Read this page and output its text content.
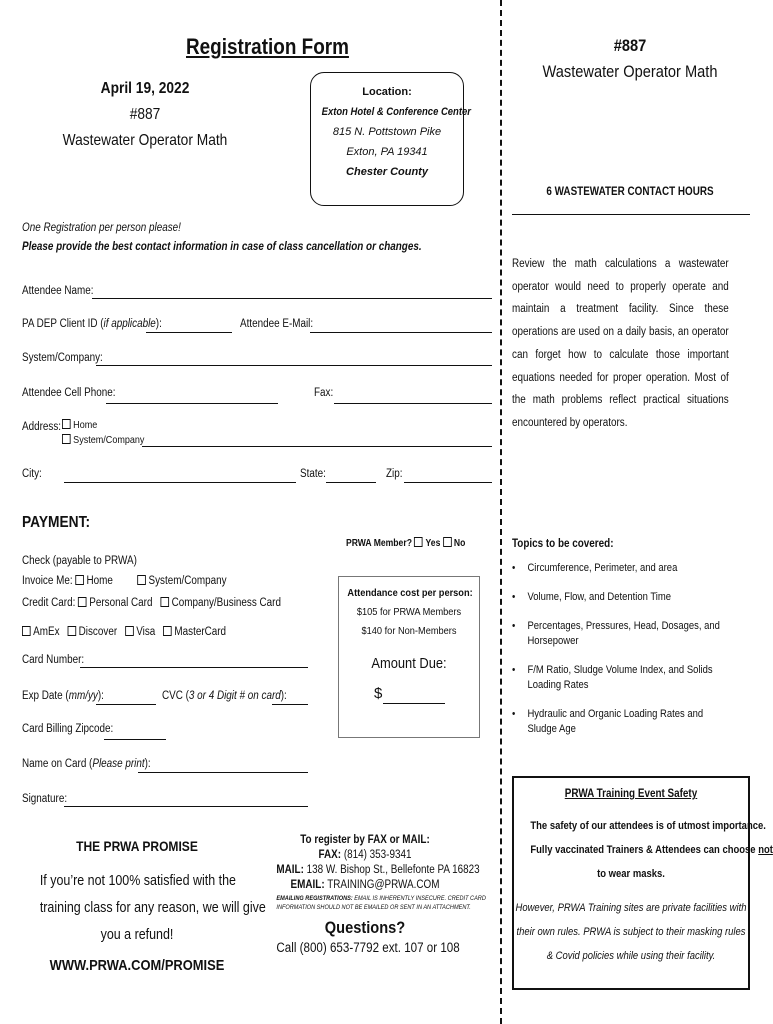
Registration Form
April 19, 2022
#887
Wastewater Operator Math
Location:
Exton Hotel & Conference Center
815 N. Pottstown Pike
Exton, PA 19341
Chester County
One Registration per person please!
Please provide the best contact information in case of class cancellation or changes.
Attendee Name:
PA DEP Client ID (if applicable):	Attendee E-Mail:
System/Company:
Attendee Cell Phone:	Fax:
Address:	Home
System/Company
City:	State:	Zip:
PAYMENT:
PRWA Member? Yes No
Check (payable to PRWA)
Invoice Me: Home	System/Company
Credit Card: Personal Card Company/Business Card
AmEx Discover Visa MasterCard
Card Number:
Exp Date (mm/yy):	CVC (3 or 4 Digit # on card):
Card Billing Zipcode:
Name on Card (Please print):
Signature:
Attendance cost per person:
$105 for PRWA Members
$140 for Non-Members
Amount Due:
$
THE PRWA PROMISE
If you’re not 100% satisfied with the
training class for any reason, we will give
you a refund!
WWW.PRWA.COM/PROMISE
To register by FAX or MAIL:
FAX: (814) 353-9341
MAIL: 138 W. Bishop St., Bellefonte PA 16823
EMAIL: TRAINING@PRWA.COM
EMAILING REGISTRATIONS: EMAIL IS INHERENTLY INSECURE. CREDIT CARD
INFORMATION SHOULD NOT BE EMAILED OR SENT IN AN ATTACHMENT.
Questions?
Call (800) 653-7792 ext. 107 or 108
#887
Wastewater Operator Math
6 WASTEWATER CONTACT HOURS
Review the math calculations a wastewater operator would need to properly operate and maintain a treatment facility. Since these operations are used on a daily basis, an operator can forget how to calculate those important equations needed for proper operation. Most of the math problems reflect practical situations encountered by operators.
Topics to be covered:
• Circumference, Perimeter, and area
• Volume, Flow, and Detention Time
• Percentages, Pressures, Head, Dosages, and Horsepower
• F/M Ratio, Sludge Volume Index, and Solids Loading Rates
• Hydraulic and Organic Loading Rates and Sludge Age
PRWA Training Event Safety
The safety of our attendees is of utmost importance.
Fully vaccinated Trainers & Attendees can choose not
to wear masks.
However, PRWA Training sites are private facilities with their own rules. PRWA is subject to their masking rules & Covid policies while using their facility.
